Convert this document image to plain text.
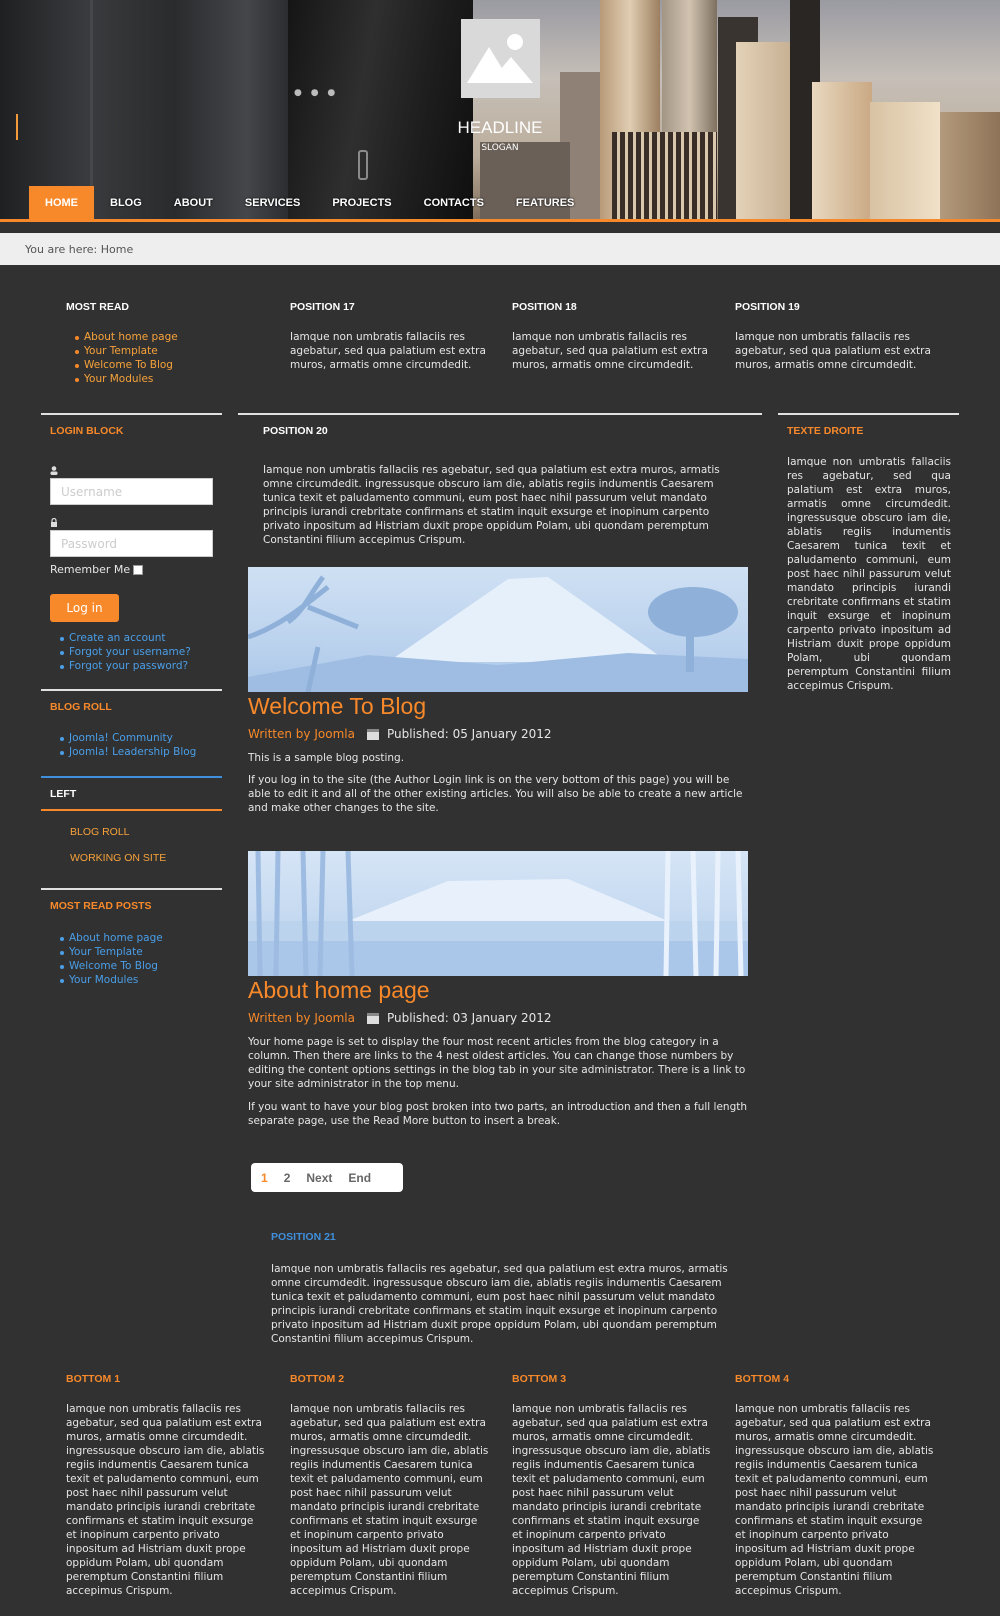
● ● ●
HEADLINE
SLOGAN
HOME	BLOG	ABOUT	SERVICES	PROJECTS	CONTACTS	FEATURES
You are here: Home
MOST READ
About home page
Your Template
Welcome To Blog
Your Modules
POSITION 17
Iamque non umbratis fallaciis res agebatur, sed qua palatium est extra muros, armatis omne circumdedit.
POSITION 18
Iamque non umbratis fallaciis res agebatur, sed qua palatium est extra muros, armatis omne circumdedit.
POSITION 19
Iamque non umbratis fallaciis res agebatur, sed qua palatium est extra muros, armatis omne circumdedit.
LOGIN BLOCK
Username
Password
Remember Me
Log in
Create an account
Forgot your username?
Forgot your password?
BLOG ROLL
Joomla! Community
Joomla! Leadership Blog
LEFT
BLOG ROLL
WORKING ON SITE
MOST READ POSTS
About home page
Your Template
Welcome To Blog
Your Modules
POSITION 20
Iamque non umbratis fallaciis res agebatur, sed qua palatium est extra muros, armatis omne circumdedit. ingressusque obscuro iam die, ablatis regiis indumentis Caesarem tunica texit et paludamento communi, eum post haec nihil passurum velut mandato principis iurandi crebritate confirmans et statim inquit exsurge et inopinum carpento privato inpositum ad Histriam duxit prope oppidum Polam, ubi quondam peremptum Constantini filium accepimus Crispum.
Welcome To Blog
Written by Joomla	Published: 05 January 2012
This is a sample blog posting.
If you log in to the site (the Author Login link is on the very bottom of this page) you will be able to edit it and all of the other existing articles. You will also be able to create a new article and make other changes to the site.
About home page
Written by Joomla	Published: 03 January 2012
Your home page is set to display the four most recent articles from the blog category in a column. Then there are links to the 4 nest oldest articles. You can change those numbers by editing the content options settings in the blog tab in your site administrator. There is a link to your site administrator in the top menu.
If you want to have your blog post broken into two parts, an introduction and then a full length separate page, use the Read More button to insert a break.
1 2 Next End
POSITION 21
Iamque non umbratis fallaciis res agebatur, sed qua palatium est extra muros, armatis omne circumdedit. ingressusque obscuro iam die, ablatis regiis indumentis Caesarem tunica texit et paludamento communi, eum post haec nihil passurum velut mandato principis iurandi crebritate confirmans et statim inquit exsurge et inopinum carpento privato inpositum ad Histriam duxit prope oppidum Polam, ubi quondam peremptum Constantini filium accepimus Crispum.
TEXTE DROITE
Iamque non umbratis fallaciis res agebatur, sed qua palatium est extra muros, armatis omne circumdedit. ingressusque obscuro iam die, ablatis regiis indumentis Caesarem tunica texit et paludamento communi, eum post haec nihil passurum velut mandato principis iurandi crebritate confirmans et statim inquit exsurge et inopinum carpento privato inpositum ad Histriam duxit prope oppidum Polam, ubi quondam peremptum Constantini filium accepimus Crispum.
BOTTOM 1
Iamque non umbratis fallaciis res agebatur, sed qua palatium est extra muros, armatis omne circumdedit. ingressusque obscuro iam die, ablatis regiis indumentis Caesarem tunica texit et paludamento communi, eum post haec nihil passurum velut mandato principis iurandi crebritate confirmans et statim inquit exsurge et inopinum carpento privato inpositum ad Histriam duxit prope oppidum Polam, ubi quondam peremptum Constantini filium accepimus Crispum.
BOTTOM 2
Iamque non umbratis fallaciis res agebatur, sed qua palatium est extra muros, armatis omne circumdedit. ingressusque obscuro iam die, ablatis regiis indumentis Caesarem tunica texit et paludamento communi, eum post haec nihil passurum velut mandato principis iurandi crebritate confirmans et statim inquit exsurge et inopinum carpento privato inpositum ad Histriam duxit prope oppidum Polam, ubi quondam peremptum Constantini filium accepimus Crispum.
BOTTOM 3
Iamque non umbratis fallaciis res agebatur, sed qua palatium est extra muros, armatis omne circumdedit. ingressusque obscuro iam die, ablatis regiis indumentis Caesarem tunica texit et paludamento communi, eum post haec nihil passurum velut mandato principis iurandi crebritate confirmans et statim inquit exsurge et inopinum carpento privato inpositum ad Histriam duxit prope oppidum Polam, ubi quondam peremptum Constantini filium accepimus Crispum.
BOTTOM 4
Iamque non umbratis fallaciis res agebatur, sed qua palatium est extra muros, armatis omne circumdedit. ingressusque obscuro iam die, ablatis regiis indumentis Caesarem tunica texit et paludamento communi, eum post haec nihil passurum velut mandato principis iurandi crebritate confirmans et statim inquit exsurge et inopinum carpento privato inpositum ad Histriam duxit prope oppidum Polam, ubi quondam peremptum Constantini filium accepimus Crispum.
